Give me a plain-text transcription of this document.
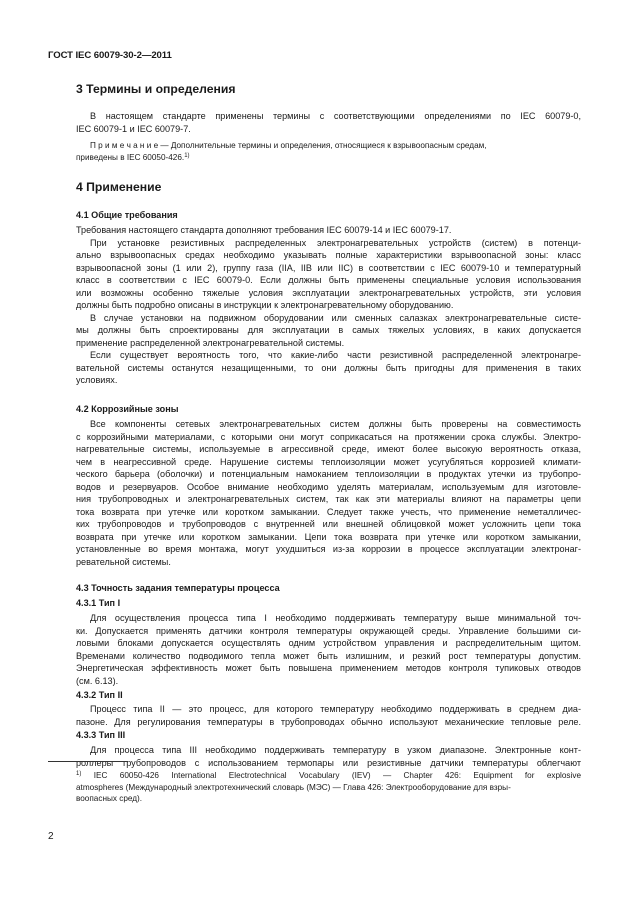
ГОСТ IEC 60079-30-2—2011
3 Термины и определения
В настоящем стандарте применены термины с соответствующими определениями по IEC 60079-0,
IEC 60079-1 и IEC 60079-7.
П р и м е ч а н и е — Дополнительные термины и определения, относящиеся к взрывоопасным средам,
приведены в IEC 60050-426.$^{1)}$
4 Применение
4.1 Общие требования
Требования настоящего стандарта дополняют требования IEC 60079-14 и IEC 60079-17.
При установке резистивных распределенных электронагревательных устройств (систем) в потенци-
ально взрывоопасных средах необходимо указывать полные характеристики взрывоопасной зоны: класс
взрывоопасной зоны (1 или 2), группу газа (IIA, IIB или IIC) в соответствии с IEC 60079-10 и температурный
класс в соответствии с IEC 60079-0. Если должны быть применены специальные условия использования
или возможны особенно тяжелые условия эксплуатации электронагревательных устройств, эти условия
должны быть подробно описаны в инструкции к электронагревательному оборудованию.
В случае установки на подвижном оборудовании или сменных салазках электронагревательные систе-
мы должны быть спроектированы для эксплуатации в самых тяжелых условиях, в каких допускается
применение распределенной электронагревательной системы.
Если существует вероятность того, что какие-либо части резистивной распределенной электронагре-
вательной системы останутся незащищенными, то они должны быть пригодны для применения в таких
условиях.
4.2 Коррозийные зоны
Все компоненты сетевых электронагревательных систем должны быть проверены на совместимость
с коррозийными материалами, с которыми они могут соприкасаться на протяжении срока службы. Электро-
нагревательные системы, используемые в агрессивной среде, имеют более высокую вероятность отказа,
чем в неагрессивной среде. Нарушение системы теплоизоляции может усугубляться коррозией климати-
ческого барьера (оболочки) и потенциальным намоканием теплоизоляции в продуктах утечки из трубопро-
водов и резервуаров. Особое внимание необходимо уделять материалам, используемым для изготовле-
ния трубопроводных и электронагревательных систем, так как эти материалы влияют на параметры цепи
тока возврата при утечке или коротком замыкании. Следует также учесть, что применение неметалличес-
ких трубопроводов и трубопроводов с внутренней или внешней облицовкой может усложнить цепи тока
возврата при утечке или коротком замыкании. Цепи тока возврата при утечке или коротком замыкании,
установленные во время монтажа, могут ухудшиться из-за коррозии в процессе эксплуатации электронаг-
ревательной системы.
4.3 Точность задания температуры процесса
4.3.1 Тип I
Для осуществления процесса типа I необходимо поддерживать температуру выше минимальной точ-
ки. Допускается применять датчики контроля температуры окружающей среды. Управление большими си-
ловыми блоками допускается осуществлять одним устройством управления и распределительным щитом.
Временами количество подводимого тепла может быть излишним, и резкий рост температуры допустим.
Энергетическая эффективность может быть повышена применением методов контроля тупиковых отводов
(см. 6.13).
4.3.2 Тип II
Процесс типа II — это процесс, для которого температуру необходимо поддерживать в среднем диа-
пазоне. Для регулирования температуры в трубопроводах обычно используют механические тепловые реле.
4.3.3 Тип III
Для процесса типа III необходимо поддерживать температуру в узком диапазоне. Электронные конт-
роллеры трубопроводов с использованием термопары или резистивные датчики температуры облегчают
$^{1)}$ IEC 60050-426 International Electrotechnical Vocabulary (IEV) — Chapter 426: Equipment for explosive
atmospheres (Международный электротехнический словарь (МЭС) — Глава 426: Электрооборудование для взры-
воопасных сред).
2
